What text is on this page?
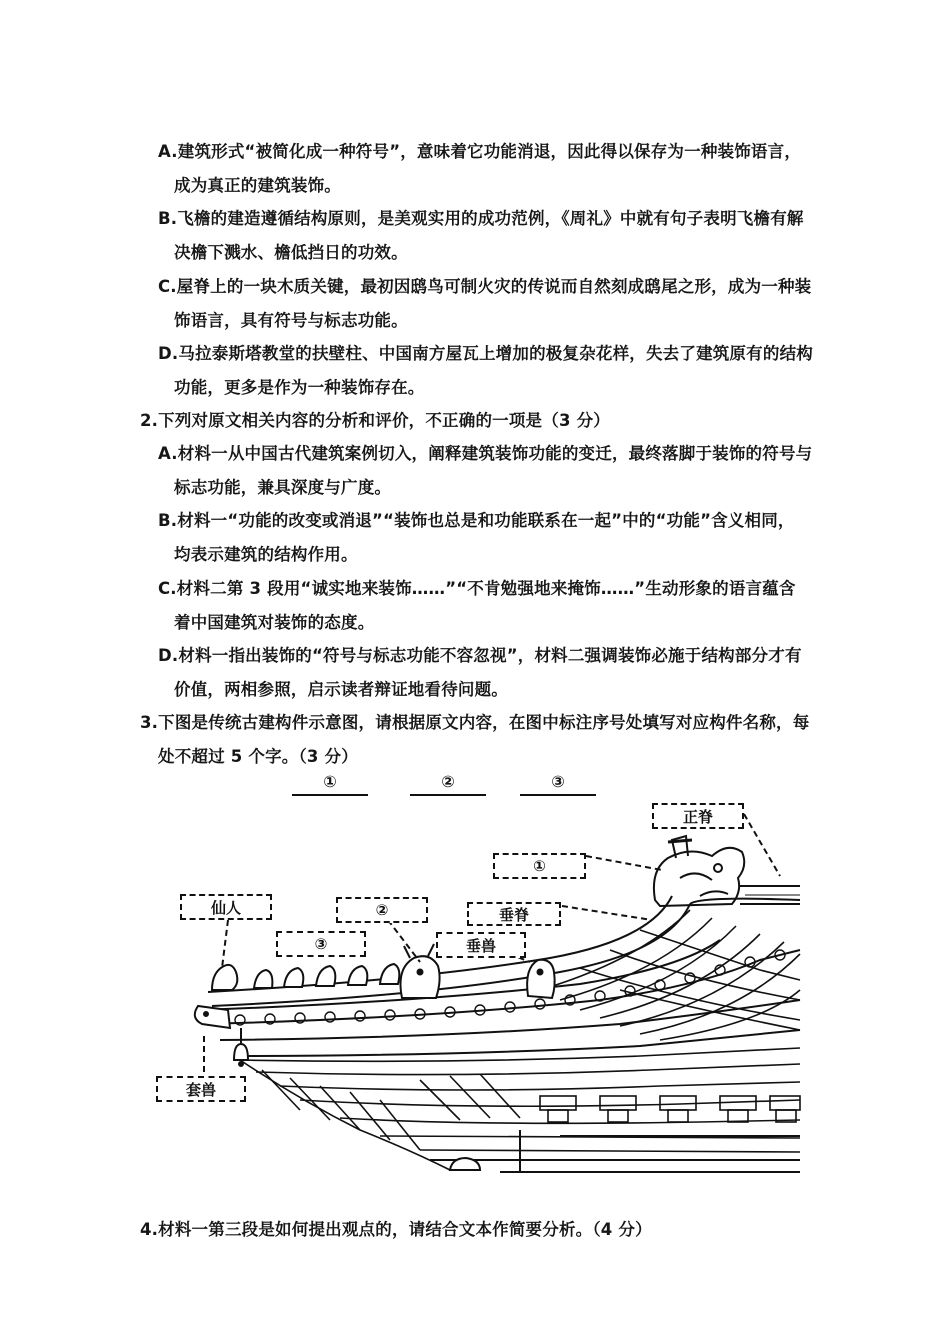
A.建筑形式“被简化成一种符号”，意味着它功能消退，因此得以保存为一种装饰语言，
成为真正的建筑装饰。
B.飞檐的建造遵循结构原则，是美观实用的成功范例，《周礼》中就有句子表明飞檐有解
决檐下溅水、檐低挡日的功效。
C.屋脊上的一块木质关键，最初因鸱鸟可制火灾的传说而自然刻成鸱尾之形，成为一种装
饰语言，具有符号与标志功能。
D.马拉泰斯塔教堂的扶壁柱、中国南方屋瓦上增加的极复杂花样，失去了建筑原有的结构
功能，更多是作为一种装饰存在。
2.下列对原文相关内容的分析和评价，不正确的一项是（3 分）
A.材料一从中国古代建筑案例切入，阐释建筑装饰功能的变迁，最终落脚于装饰的符号与
标志功能，兼具深度与广度。
B.材料一“功能的改变或消退”“装饰也总是和功能联系在一起”中的“功能”含义相同，
均表示建筑的结构作用。
C.材料二第 3 段用“诚实地来装饰……”“不肯勉强地来掩饰……”生动形象的语言蕴含
着中国建筑对装饰的态度。
D.材料一指出装饰的“符号与标志功能不容忽视”，材料二强调装饰必施于结构部分才有
价值，两相参照，启示读者辩证地看待问题。
3.下图是传统古建构件示意图，请根据原文内容，在图中标注序号处填写对应构件名称，每
处不超过 5 个字。（3 分）
①	②	③
正脊
①
垂脊
仙人	②
③	垂兽
套兽
4.材料一第三段是如何提出观点的，请结合文本作简要分析。（4 分）
